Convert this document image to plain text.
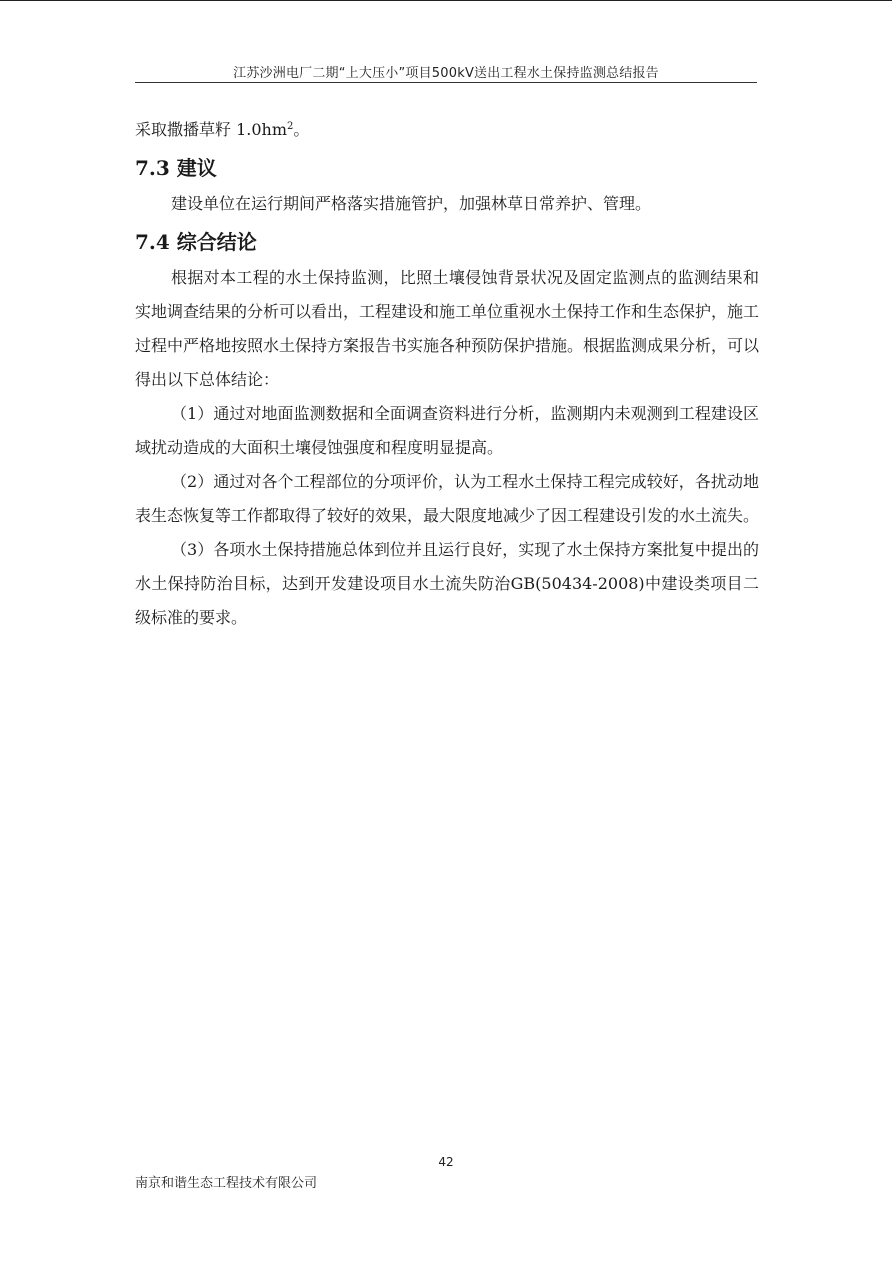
江苏沙洲电厂二期“上大压小”项目500kV送出工程水土保持监测总结报告

采取撒播草籽 $1.0hm^2$。

7.3 建议

建设单位在运行期间严格落实措施管护，加强林草日常养护、管理。

7.4 综合结论

根据对本工程的水土保持监测，比照土壤侵蚀背景状况及固定监测点的监测结果和实地调查结果的分析可以看出，工程建设和施工单位重视水土保持工作和生态保护，施工过程中严格地按照水土保持方案报告书实施各种预防保护措施。根据监测成果分析，可以得出以下总体结论：

（1）通过对地面监测数据和全面调查资料进行分析，监测期内未观测到工程建设区域扰动造成的大面积土壤侵蚀强度和程度明显提高。

（2）通过对各个工程部位的分项评价，认为工程水土保持工程完成较好，各扰动地表生态恢复等工作都取得了较好的效果，最大限度地减少了因工程建设引发的水土流失。

（3）各项水土保持措施总体到位并且运行良好，实现了水土保持方案批复中提出的水土保持防治目标，达到开发建设项目水土流失防治GB(50434-2008)中建设类项目二级标准的要求。

42
南京和谐生态工程技术有限公司
